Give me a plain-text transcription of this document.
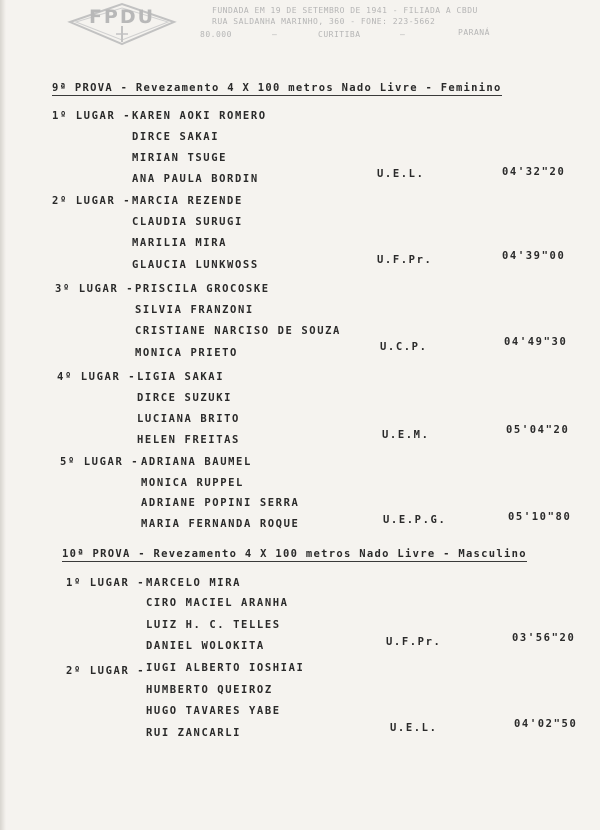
FPDU	FUNDADA EM 19 DE SETEMBRO DE 1941 - FILIADA A CBDU
RUA SALDANHA MARINHO, 360 - FONE: 223-5662
80.000	—	CURITIBA	—	PARANÁ
9ª PROVA - Revezamento 4 X 100 metros Nado Livre - Feminino
1º LUGAR - KAREN AOKI ROMERO
DIRCE SAKAI
MIRIAN TSUGE
ANA PAULA BORDIN	U.E.L.	04'32"20
2º LUGAR - MARCIA REZENDE
CLAUDIA SURUGI
MARILIA MIRA
GLAUCIA LUNKWOSS	U.F.Pr.	04'39"00
3º LUGAR - PRISCILA GROCOSKE
SILVIA FRANZONI
CRISTIANE NARCISO DE SOUZA
MONICA PRIETO	U.C.P.	04'49"30
4º LUGAR - LIGIA SAKAI
DIRCE SUZUKI
LUCIANA BRITO
HELEN FREITAS	U.E.M.	05'04"20
5º LUGAR - ADRIANA BAUMEL
MONICA RUPPEL
ADRIANE POPINI SERRA
MARIA FERNANDA ROQUE	U.E.P.G.	05'10"80
10ª PROVA - Revezamento 4 X 100 metros Nado Livre - Masculino
1º LUGAR - MARCELO MIRA
CIRO MACIEL ARANHA
LUIZ H. C. TELLES
DANIEL WOLOKITA	U.F.Pr.	03'56"20
2º LUGAR - IUGI ALBERTO IOSHIAI
HUMBERTO QUEIROZ
HUGO TAVARES YABE
RUI ZANCARLI	U.E.L.	04'02"50
